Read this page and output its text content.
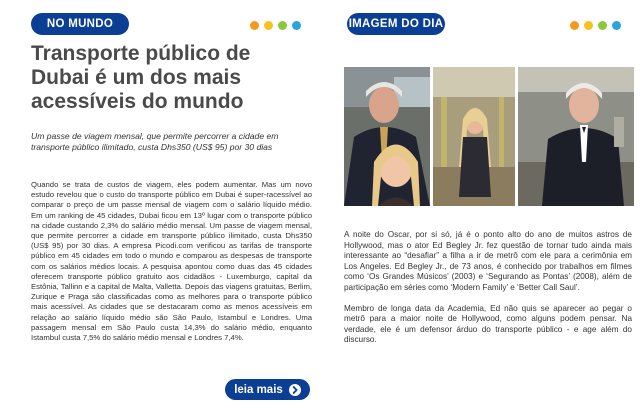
NO MUNDO
Transporte público de Dubai é um dos mais acessíveis do mundo

Um passe de viagem mensal, que permite percorrer a cidade em transporte público ilimitado, custa Dhs350 (US$ 95) por 30 dias

Quando se trata de custos de viagem, eles podem aumentar. Mas um novo estudo revelou que o custo do transporte público em Dubai é super-racessível ao comparar o preço de um passe mensal de viagem com o salário líquido médio. Em um ranking de 45 cidades, Dubai ficou em 13º lugar com o transporte público na cidade custando 2,3% do salário médio mensal. Um passe de viagem mensal, que permite percorrer a cidade em transporte público ilimitado, custa Dhs350 (US$ 95) por 30 dias. A empresa Picodi.com verificou as tarifas de transporte público em 45 cidades em todo o mundo e comparou as despesas de transporte com os salários médios locais. A pesquisa apontou como duas das 45 cidades oferecem transporte público gratuito aos cidadãos - Luxemburgo, capital da Estônia, Tallinn e a capital de Malta, Valletta. Depois das viagens gratuitas, Berlim, Zurique e Praga são classificadas como as melhores para o transporte público mais acessível. As cidades que se destacaram como as menos acessíveis em relação ao salário líquido médio são São Paulo, Istambul e Londres. Uma passagem mensal em São Paulo custa 14,3% do salário médio, enquanto Istambul custa 7,5% do salário médio mensal e Londres 7,4%.

leia mais
IMAGEM DO DIA

A noite do Oscar, por si só, já é o ponto alto do ano de muitos astros de Hollywood, mas o ator Ed Begley Jr. fez questão de tornar tudo ainda mais interessante ao “desafiar” a filha a ir de metrô com ele para a cerimônia em Los Angeles. Ed Begley Jr., de 73 anos, é conhecido por trabalhos em filmes como ‘Os Grandes Músicos’ (2003) e ‘Segurando as Pontas’ (2008), além de participação em séries como ‘Modern Family’ e ‘Better Call Saul’.

Membro de longa data da Academia, Ed não quis se aparecer ao pegar o metrô para a maior noite de Hollywood, como alguns podem pensar. Na verdade, ele é um defensor árduo do transporte público - e age além do discurso.
